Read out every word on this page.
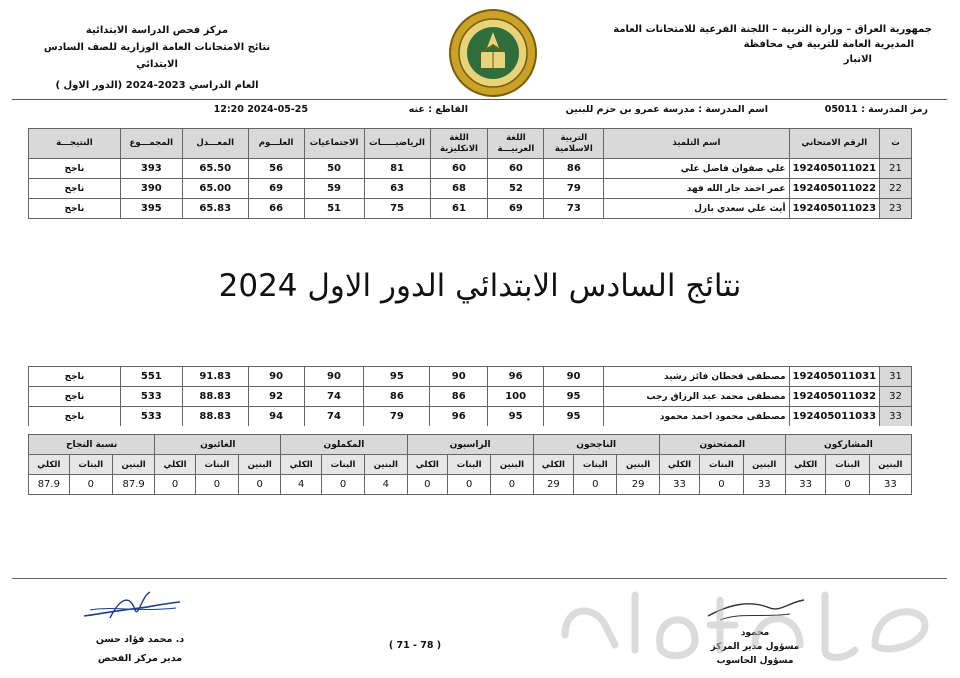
جمهورية العراق – وزارة التربية – اللجنة الفرعية للامتحانات العامة
المديرية العامة للتربية في محافظة
الانبار
مركز فحص الدراسة الابتدائية
نتائج الامتحانات العامة الوزارية للصف السادس الابتدائي
العام الدراسي 2023-2024 (الدور الاول )
رمز المدرسة : 05011
اسم المدرسة : مدرسة عمرو بن حزم للبنين
القاطع : عنه
2024-05-25 12:20
ت	الرقم الامتحاني	اسم التلميذ	التربية الاسلامية	اللغة العربيـــة	اللغة الانكليزية	الرياضيـــــات	الاجتماعيات	العلـــوم	المعـــدل	المجمـــوع	النتيجـــة
21	192405011021	علي صفوان فاضل علي	86	60	60	81	50	56	65.50	393	ناجح
22	192405011022	عمر احمد جار الله فهد	79	52	68	63	59	69	65.00	390	ناجح
23	192405011023	أيث علي سعدي بازل	73	69	61	75	51	66	65.83	395	ناجح
نتائج السادس الابتدائي الدور الاول 2024
31	192405011031	مصطفى قحطان فائز رشيد	90	96	90	95	90	90	91.83	551	ناجح
32	192405011032	مصطفى محمد عبد الرزاق رجب	95	100	86	86	74	92	88.83	533	ناجح
33	192405011033	مصطفى محمود احمد محمود	95	95	96	79	74	94	88.83	533	ناجح
المشاركون			الممتحنون			الناجحون			الراسبون			المكملون			الغائبون			نسبة النجاح		
البنين	البنات	الكلي	البنين	البنات	الكلي	البنين	البنات	الكلي	البنين	البنات	الكلي	البنين	البنات	الكلي	البنين	البنات	الكلي	البنين	البنات	الكلي
33	0	33	33	0	33	29	0	29	0	0	0	4	0	4	0	0	0	87.9	0	87.9
د. محمد فؤاد حسن
مدير مركز الفحص
( 71 - 78 )
محمود
مسؤول مدير المركز
مسؤول الحاسوب
